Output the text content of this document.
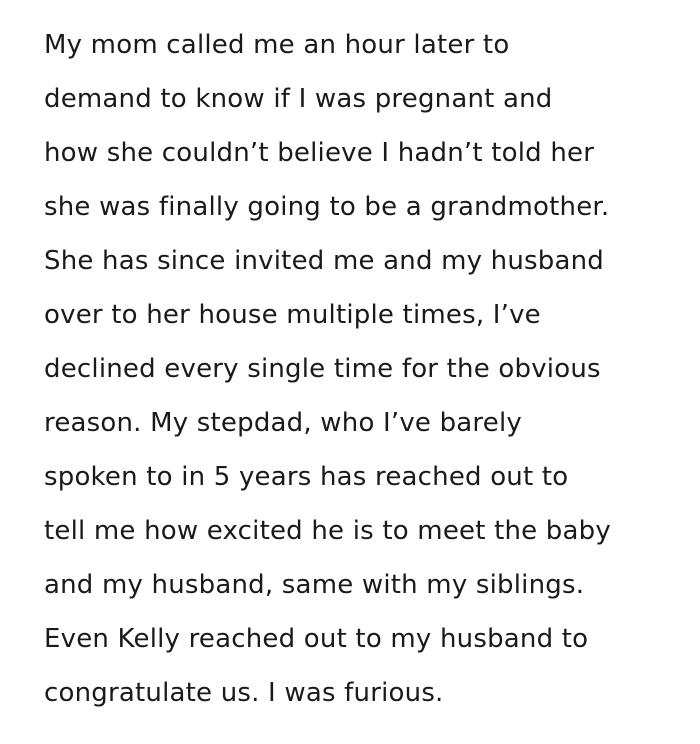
My mom called me an hour later to
demand to know if I was pregnant and
how she couldn’t believe I hadn’t told her
she was finally going to be a grandmother.
She has since invited me and my husband
over to her house multiple times, I’ve
declined every single time for the obvious
reason. My stepdad, who I’ve barely
spoken to in 5 years has reached out to
tell me how excited he is to meet the baby
and my husband, same with my siblings.
Even Kelly reached out to my husband to
congratulate us. I was furious.
